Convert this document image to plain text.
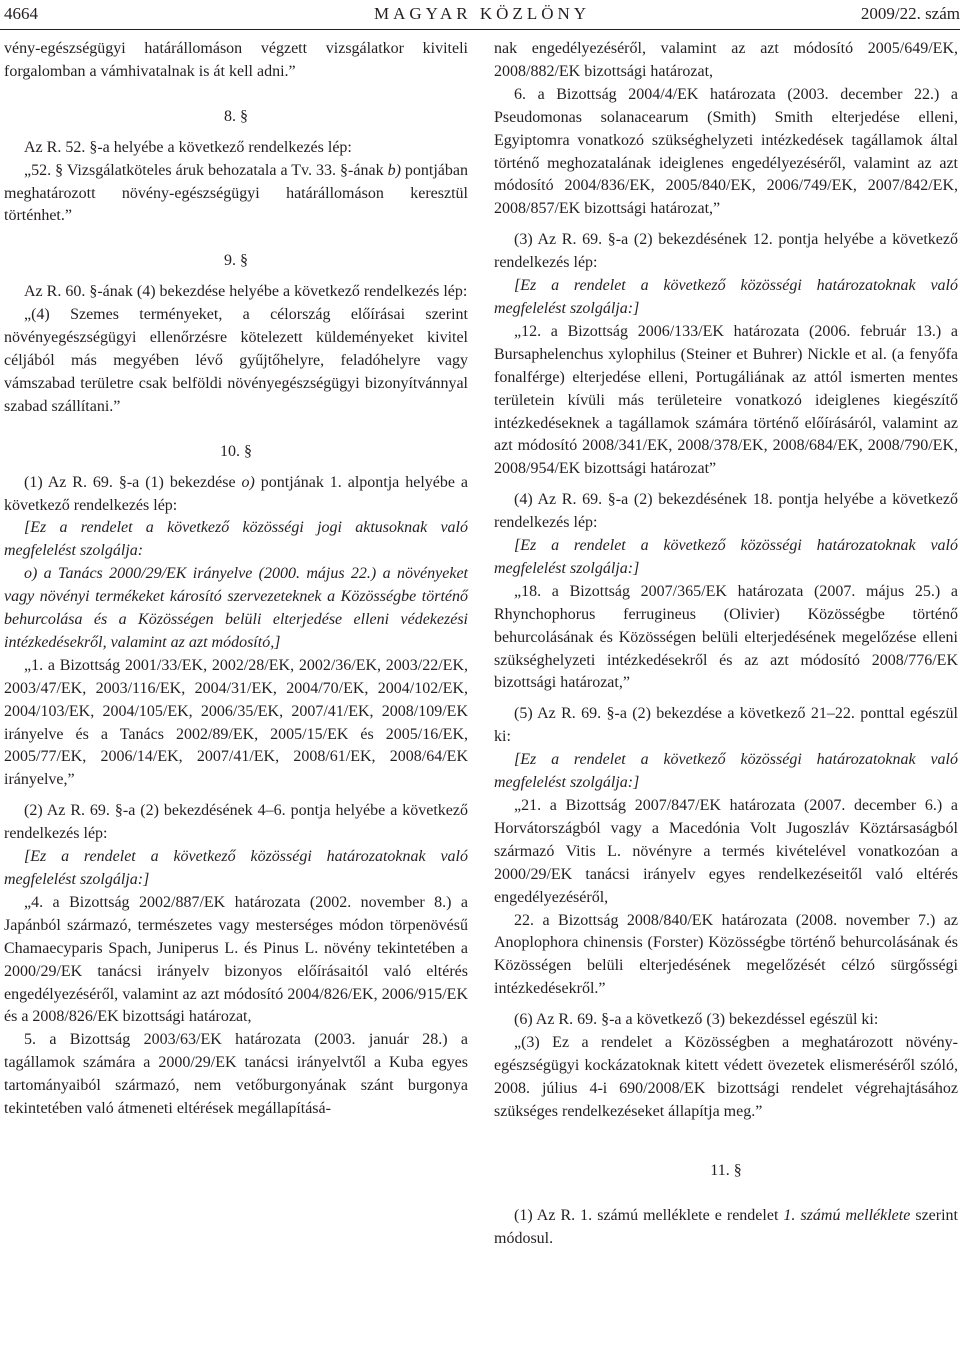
4664	MAGYAR KÖZLÖNY	2009/22. szám

vény-egészségügyi határállomáson végzett vizsgálatkor kiviteli forgalomban a vámhivatalnak is át kell adni.”

8. §

Az R. 52. §-a helyébe a következő rendelkezés lép:

„52. § Vizsgálatköteles áruk behozatala a Tv. 33. §-ának b) pontjában meghatározott növény-egészségügyi határállomáson keresztül történhet.”

9. §

Az R. 60. §-ának (4) bekezdése helyébe a következő rendelkezés lép:

„(4) Szemes terményeket, a célország előírásai szerint növényegészségügyi ellenőrzésre kötelezett küldeményeket kivitel céljából más megyében lévő gyűjtőhelyre, feladóhelyre vagy vámszabad területre csak belföldi növényegészségügyi bizonyítvánnyal szabad szállítani.”

10. §

(1) Az R. 69. §-a (1) bekezdése o) pontjának 1. alpontja helyébe a következő rendelkezés lép:

[Ez a rendelet a következő közösségi jogi aktusoknak való megfelelést szolgálja:

o) a Tanács 2000/29/EK irányelve (2000. május 22.) a növényeket vagy növényi termékeket károsító szervezeteknek a Közösségbe történő behurcolása és a Közösségen belüli elterjedése elleni védekezési intézkedésekről, valamint az azt módosító,]

„1. a Bizottság 2001/33/EK, 2002/28/EK, 2002/36/EK, 2003/22/EK, 2003/47/EK, 2003/116/EK, 2004/31/EK, 2004/70/EK, 2004/102/EK, 2004/103/EK, 2004/105/EK, 2006/35/EK, 2007/41/EK, 2008/109/EK irányelve és a Tanács 2002/89/EK, 2005/15/EK és 2005/16/EK, 2005/77/EK, 2006/14/EK, 2007/41/EK, 2008/61/EK, 2008/64/EK irányelve,”

(2) Az R. 69. §-a (2) bekezdésének 4–6. pontja helyébe a következő rendelkezés lép:

[Ez a rendelet a következő közösségi határozatoknak való megfelelést szolgálja:]

„4. a Bizottság 2002/887/EK határozata (2002. november 8.) a Japánból származó, természetes vagy mesterséges módon törpenövésű Chamaecyparis Spach, Juniperus L. és Pinus L. növény tekintetében a 2000/29/EK tanácsi irányelv bizonyos előírásaitól való eltérés engedélyezéséről, valamint az azt módosító 2004/826/EK, 2006/915/EK és a 2008/826/EK bizottsági határozat,

5. a Bizottság 2003/63/EK határozata (2003. január 28.) a tagállamok számára a 2000/29/EK tanácsi irányelvtől a Kuba egyes tartományaiból származó, nem vetőburgonyának szánt burgonya tekintetében való átmeneti eltérések megállapításá-

nak engedélyezéséről, valamint az azt módosító 2005/649/EK, 2008/882/EK bizottsági határozat,

6. a Bizottság 2004/4/EK határozata (2003. december 22.) a Pseudomonas solanacearum (Smith) Smith elterjedése elleni, Egyiptomra vonatkozó szükséghelyzeti intézkedések tagállamok által történő meghozatalának ideiglenes engedélyezéséről, valamint az azt módosító 2004/836/EK, 2005/840/EK, 2006/749/EK, 2007/842/EK, 2008/857/EK bizottsági határozat,”

(3) Az R. 69. §-a (2) bekezdésének 12. pontja helyébe a következő rendelkezés lép:

[Ez a rendelet a következő közösségi határozatoknak való megfelelést szolgálja:]

„12. a Bizottság 2006/133/EK határozata (2006. február 13.) a Bursaphelenchus xylophilus (Steiner et Buhrer) Nickle et al. (a fenyőfa fonalférge) elterjedése elleni, Portugáliának az attól ismerten mentes területein kívüli más területeire vonatkozó ideiglenes kiegészítő intézkedéseknek a tagállamok számára történő előírásáról, valamint az azt módosító 2008/341/EK, 2008/378/EK, 2008/684/EK, 2008/790/EK, 2008/954/EK bizottsági határozat”

(4) Az R. 69. §-a (2) bekezdésének 18. pontja helyébe a következő rendelkezés lép:

[Ez a rendelet a következő közösségi határozatoknak való megfelelést szolgálja:]

„18. a Bizottság 2007/365/EK határozata (2007. május 25.) a Rhynchophorus ferrugineus (Olivier) Közösségbe történő behurcolásának és Közösségen belüli elterjedésének megelőzése elleni szükséghelyzeti intézkedésekről és az azt módosító 2008/776/EK bizottsági határozat,”

(5) Az R. 69. §-a (2) bekezdése a következő 21–22. ponttal egészül ki:

[Ez a rendelet a következő közösségi határozatoknak való megfelelést szolgálja:]

„21. a Bizottság 2007/847/EK határozata (2007. december 6.) a Horvátországból vagy a Macedónia Volt Jugoszláv Köztársaságból származó Vitis L. növényre a termés kivételével vonatkozóan a 2000/29/EK tanácsi irányelv egyes rendelkezéseitől való eltérés engedélyezéséről,

22. a Bizottság 2008/840/EK határozata (2008. november 7.) az Anoplophora chinensis (Forster) Közösségbe történő behurcolásának és Közösségen belüli elterjedésének megelőzését célzó sürgősségi intézkedésekről.”

(6) Az R. 69. §-a a következő (3) bekezdéssel egészül ki:

„(3) Ez a rendelet a Közösségben a meghatározott növény-egészségügyi kockázatoknak kitett védett övezetek elismeréséről szóló, 2008. július 4-i 690/2008/EK bizottsági rendelet végrehajtásához szükséges rendelkezéseket állapítja meg.”

11. §

(1) Az R. 1. számú melléklete e rendelet 1. számú melléklete szerint módosul.
